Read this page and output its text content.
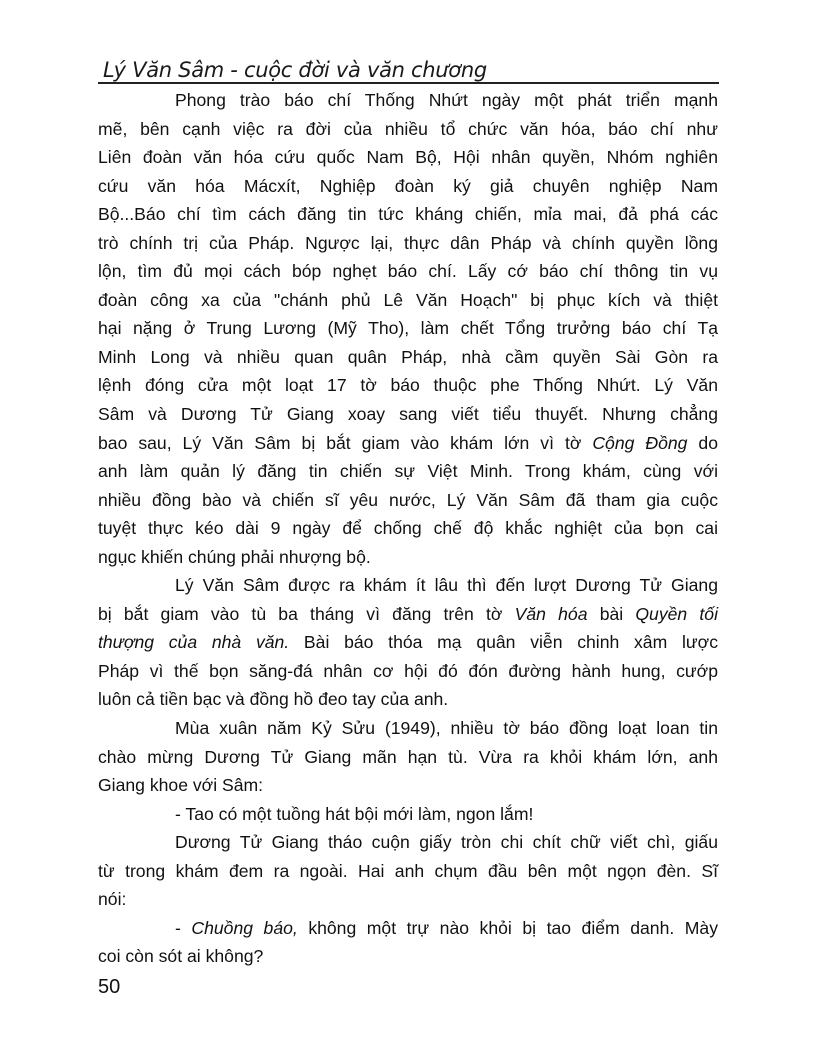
Lý Văn Sâm - cuộc đời và văn chương
Phong trào báo chí Thống Nhứt ngày một phát triển mạnh
mẽ, bên cạnh việc ra đời của nhiều tổ chức văn hóa, báo chí như
Liên đoàn văn hóa cứu quốc Nam Bộ, Hội nhân quyền, Nhóm nghiên
cứu văn hóa Mácxít, Nghiệp đoàn ký giả chuyên nghiệp Nam
Bộ...Báo chí tìm cách đăng tin tức kháng chiến, mỉa mai, đả phá các
trò chính trị của Pháp. Ngược lại, thực dân Pháp và chính quyền lồng
lộn, tìm đủ mọi cách bóp nghẹt báo chí. Lấy cớ báo chí thông tin vụ
đoàn công xa của "chánh phủ Lê Văn Hoạch" bị phục kích và thiệt
hại nặng ở Trung Lương (Mỹ Tho), làm chết Tổng trưởng báo chí Tạ
Minh Long và nhiều quan quân Pháp, nhà cầm quyền Sài Gòn ra
lệnh đóng cửa một loạt 17 tờ báo thuộc phe Thống Nhứt. Lý Văn
Sâm và Dương Tử Giang xoay sang viết tiểu thuyết. Nhưng chẳng
bao sau, Lý Văn Sâm bị bắt giam vào khám lớn vì tờ Cộng Đồng do
anh làm quản lý đăng tin chiến sự Việt Minh. Trong khám, cùng với
nhiều đồng bào và chiến sĩ yêu nước, Lý Văn Sâm đã tham gia cuộc
tuyệt thực kéo dài 9 ngày để chống chế độ khắc nghiệt của bọn cai
ngục khiến chúng phải nhượng bộ.
Lý Văn Sâm được ra khám ít lâu thì đến lượt Dương Tử Giang
bị bắt giam vào tù ba tháng vì đăng trên tờ Văn hóa bài Quyền tối
thượng của nhà văn. Bài báo thóa mạ quân viễn chinh xâm lược
Pháp vì thế bọn săng-đá nhân cơ hội đó đón đường hành hung, cướp
luôn cả tiền bạc và đồng hồ đeo tay của anh.
Mùa xuân năm Kỷ Sửu (1949), nhiều tờ báo đồng loạt loan tin
chào mừng Dương Tử Giang mãn hạn tù. Vừa ra khỏi khám lớn, anh
Giang khoe với Sâm:
- Tao có một tuồng hát bội mới làm, ngon lắm!
Dương Tử Giang tháo cuộn giấy tròn chi chít chữ viết chì, giấu
từ trong khám đem ra ngoài. Hai anh chụm đầu bên một ngọn đèn. Sĩ
nói:
- Chuồng báo, không một trự nào khỏi bị tao điểm danh. Mày
coi còn sót ai không?
50
